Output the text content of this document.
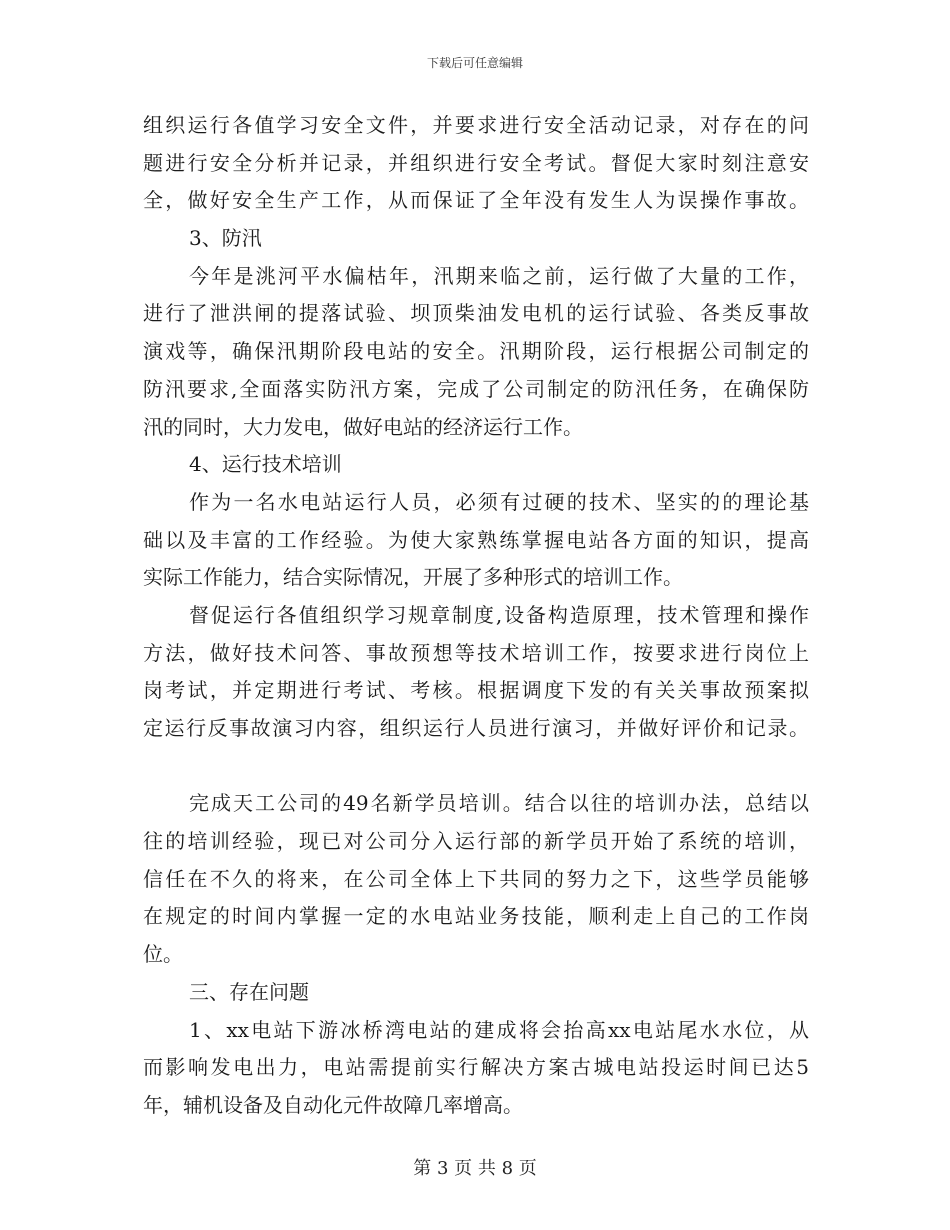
下载后可任意编辑
组织运行各值学习安全文件，并要求进行安全活动记录，对存在的问
题进行安全分析并记录，并组织进行安全考试。督促大家时刻注意安
全，做好安全生产工作，从而保证了全年没有发生人为误操作事故。
3、防汛
今年是洮河平水偏枯年，汛期来临之前，运行做了大量的工作，
进行了泄洪闸的提落试验、坝顶柴油发电机的运行试验、各类反事故
演戏等，确保汛期阶段电站的安全。汛期阶段，运行根据公司制定的
防汛要求,全面落实防汛方案，完成了公司制定的防汛任务，在确保防
汛的同时，大力发电，做好电站的经济运行工作。
4、运行技术培训
作为一名水电站运行人员，必须有过硬的技术、坚实的的理论基
础以及丰富的工作经验。为使大家熟练掌握电站各方面的知识，提高
实际工作能力，结合实际情况，开展了多种形式的培训工作。
督促运行各值组织学习规章制度,设备构造原理，技术管理和操作
方法，做好技术问答、事故预想等技术培训工作，按要求进行岗位上
岗考试，并定期进行考试、考核。根据调度下发的有关关事故预案拟
定运行反事故演习内容，组织运行人员进行演习，并做好评价和记录。
完成天工公司的49名新学员培训。结合以往的培训办法，总结以
往的培训经验，现已对公司分入运行部的新学员开始了系统的培训，
信任在不久的将来，在公司全体上下共同的努力之下，这些学员能够
在规定的时间内掌握一定的水电站业务技能，顺利走上自己的工作岗
位。
三、存在问题
1、xx电站下游冰桥湾电站的建成将会抬高xx电站尾水水位，从
而影响发电出力，电站需提前实行解决方案古城电站投运时间已达5
年，辅机设备及自动化元件故障几率增高。
第 3 页 共 8 页
